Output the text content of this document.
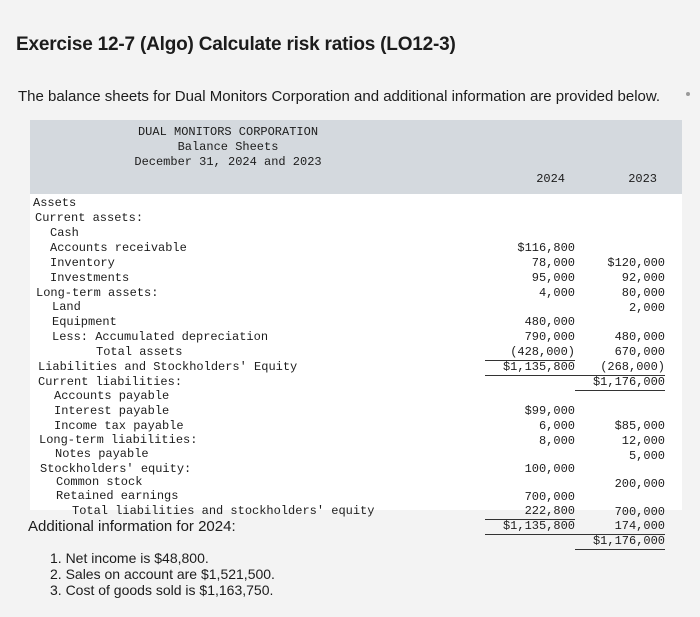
Exercise 12-7 (Algo) Calculate risk ratios (LO12-3)
The balance sheets for Dual Monitors Corporation and additional information are provided below.
DUAL MONITORS CORPORATION
Balance Sheets
December 31, 2024 and 2023
2024	2023

Assets

Current assets:

Cash

$116,800

$120,000

Accounts receivable

78,000

92,000

Inventory

95,000

80,000

Investments

4,000

2,000

Long-term assets:

Land

480,000

480,000

Equipment

790,000

670,000

Less: Accumulated depreciation

(428,000)

(268,000)

Total assets

$1,135,800

$1,176,000

Liabilities and Stockholders' Equity

Current liabilities:

Accounts payable

$99,000

$85,000

Interest payable

6,000

12,000

Income tax payable

8,000

5,000

Long-term liabilities:

Notes payable

100,000

200,000

Stockholders' equity:

Common stock

700,000

700,000

Retained earnings

222,800

174,000

Total liabilities and stockholders' equity

$1,135,800

$1,176,000

Additional information for 2024:
1. Net income is $48,800.
2. Sales on account are $1,521,500.
3. Cost of goods sold is $1,163,750.
